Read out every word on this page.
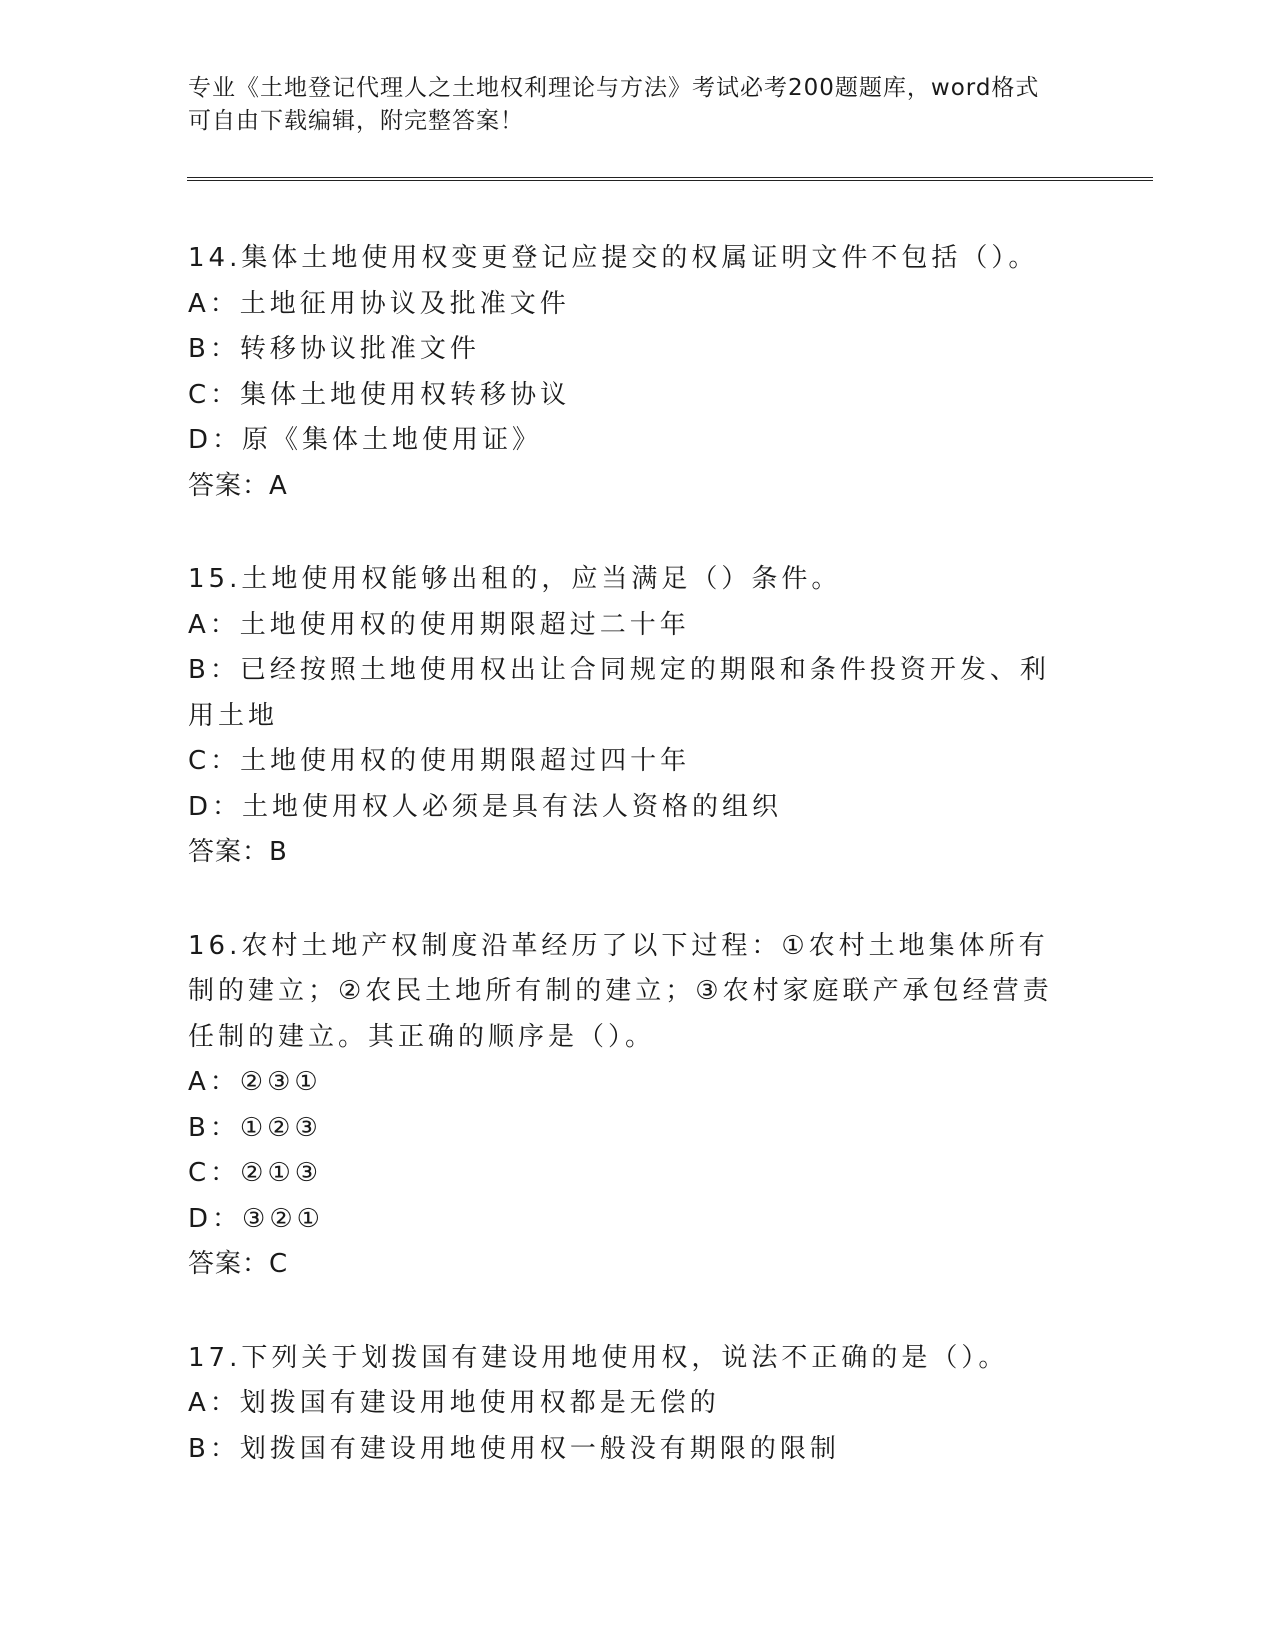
专业《土地登记代理人之土地权利理论与方法》考试必考200题题库，word格式
可自由下载编辑，附完整答案！
14.集体土地使用权变更登记应提交的权属证明文件不包括（）。
A：土地征用协议及批准文件
B：转移协议批准文件
C：集体土地使用权转移协议
D：原《集体土地使用证》
答案：A
15.土地使用权能够出租的，应当满足（）条件。
A：土地使用权的使用期限超过二十年
B：已经按照土地使用权出让合同规定的期限和条件投资开发、利用土地
C：土地使用权的使用期限超过四十年
D：土地使用权人必须是具有法人资格的组织
答案：B
16.农村土地产权制度沿革经历了以下过程：①农村土地集体所有制的建立；②农民土地所有制的建立；③农村家庭联产承包经营责任制的建立。其正确的顺序是（）。
A：②③①
B：①②③
C：②①③
D：③②①
答案：C
17.下列关于划拨国有建设用地使用权，说法不正确的是（）。
A：划拨国有建设用地使用权都是无偿的
B：划拨国有建设用地使用权一般没有期限的限制
